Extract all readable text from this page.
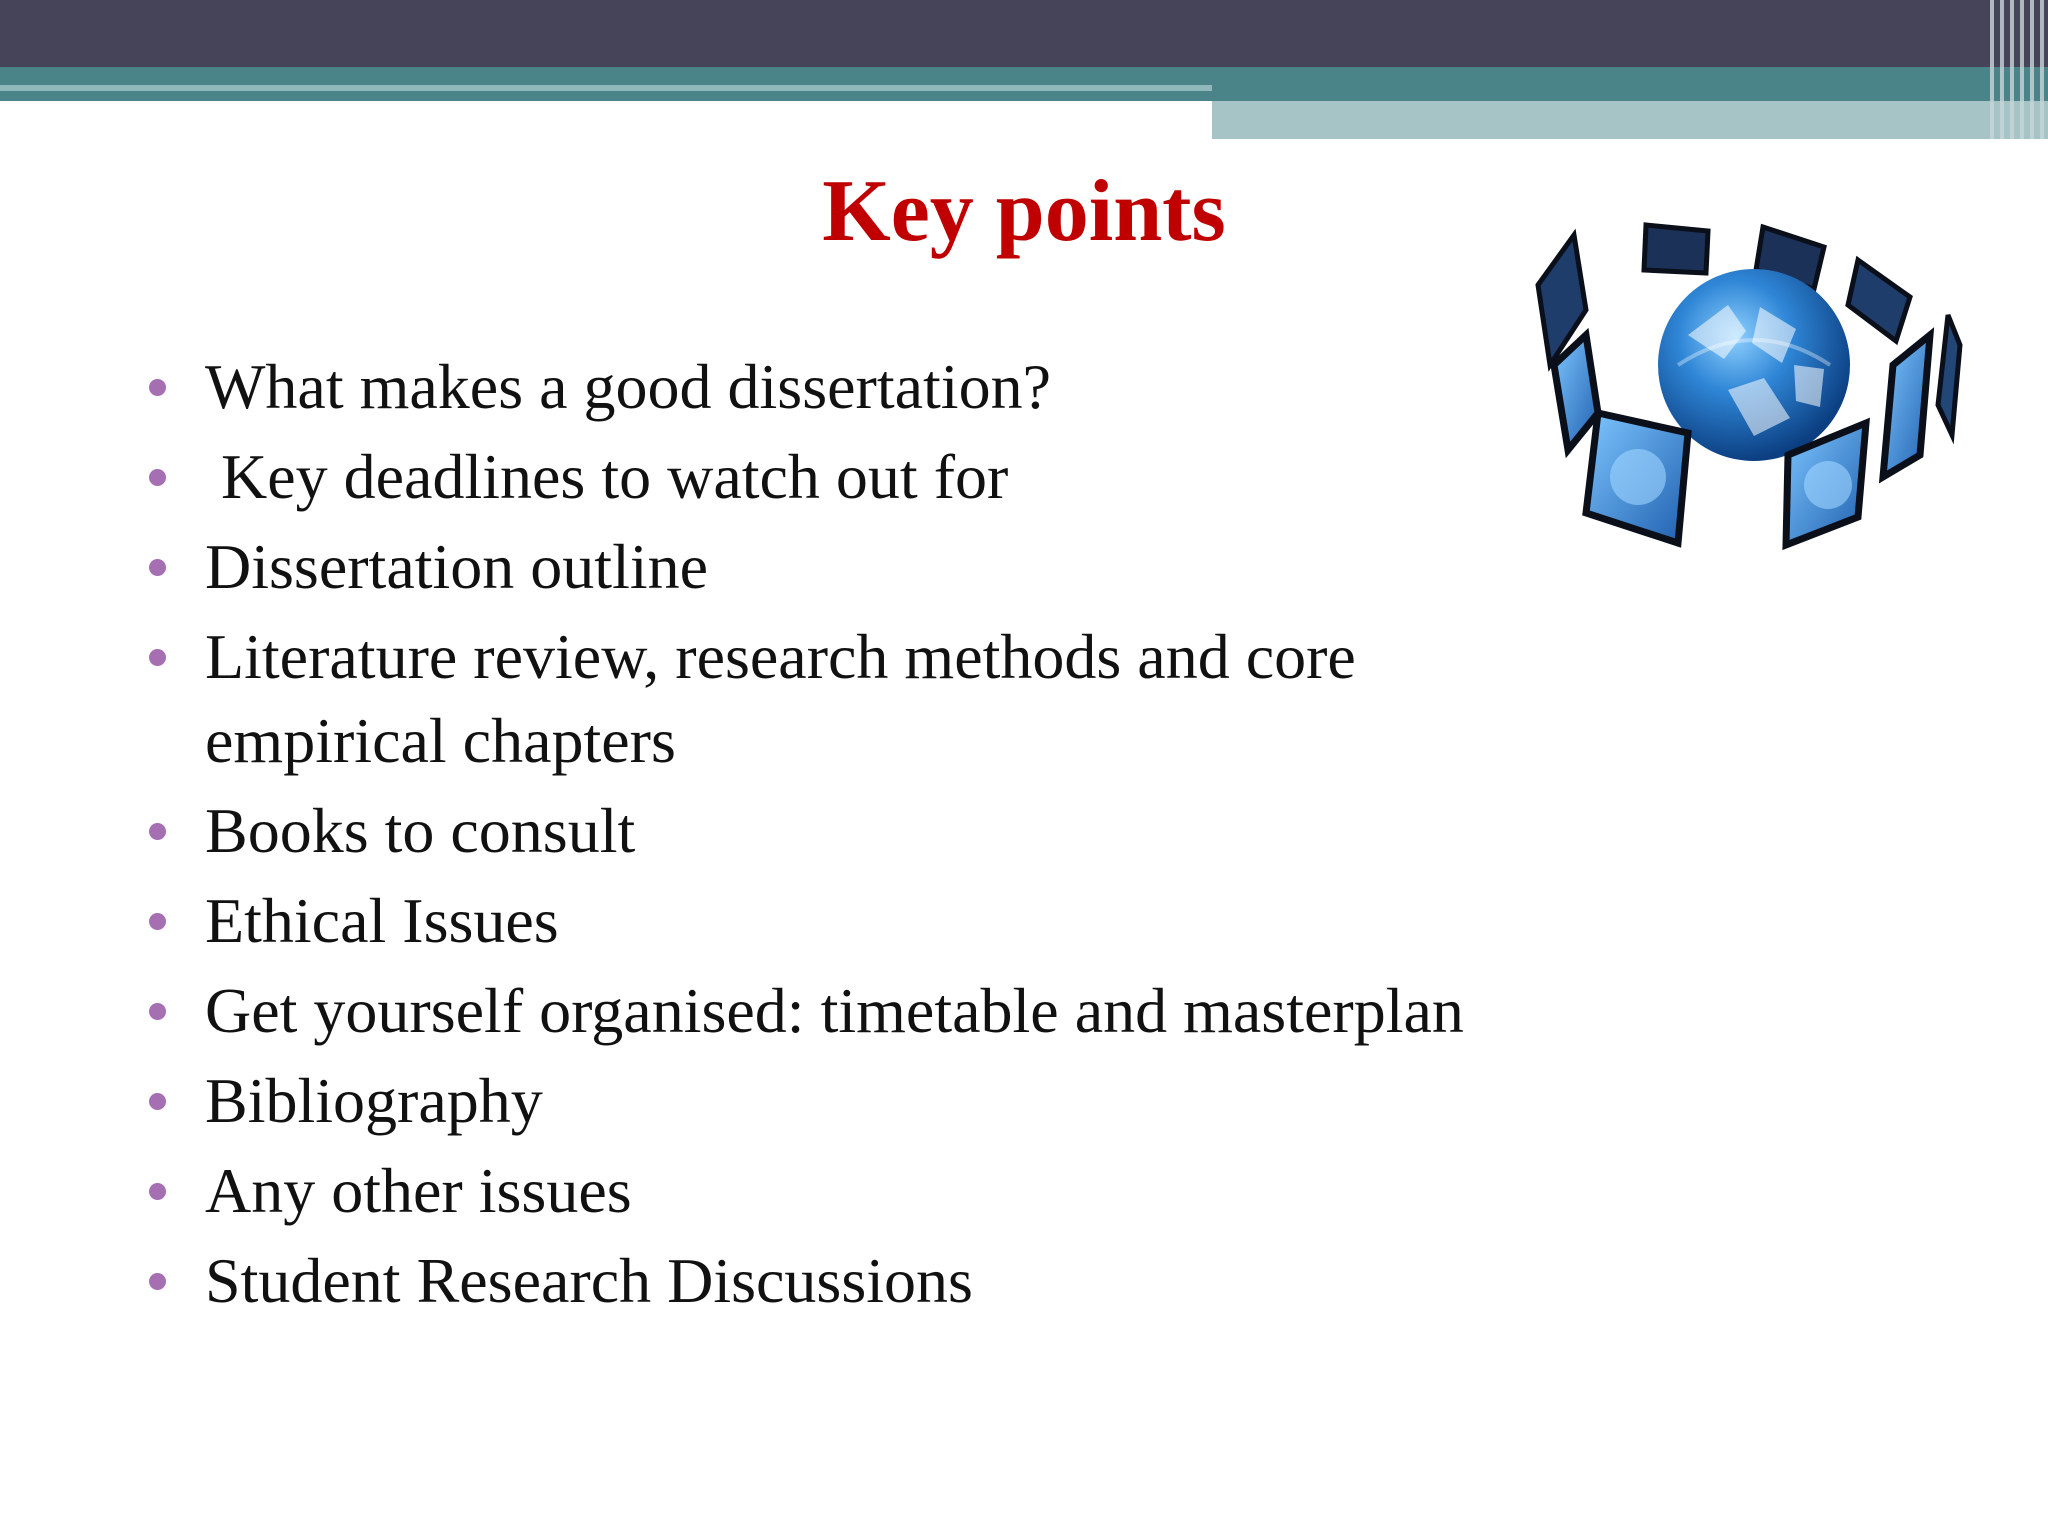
Key points
What makes a good dissertation?
Key deadlines to watch out for
Dissertation outline
Literature review, research methods and core empirical chapters
Books to consult
Ethical Issues
Get yourself organised: timetable and masterplan
Bibliography
Any other issues
Student Research Discussions
